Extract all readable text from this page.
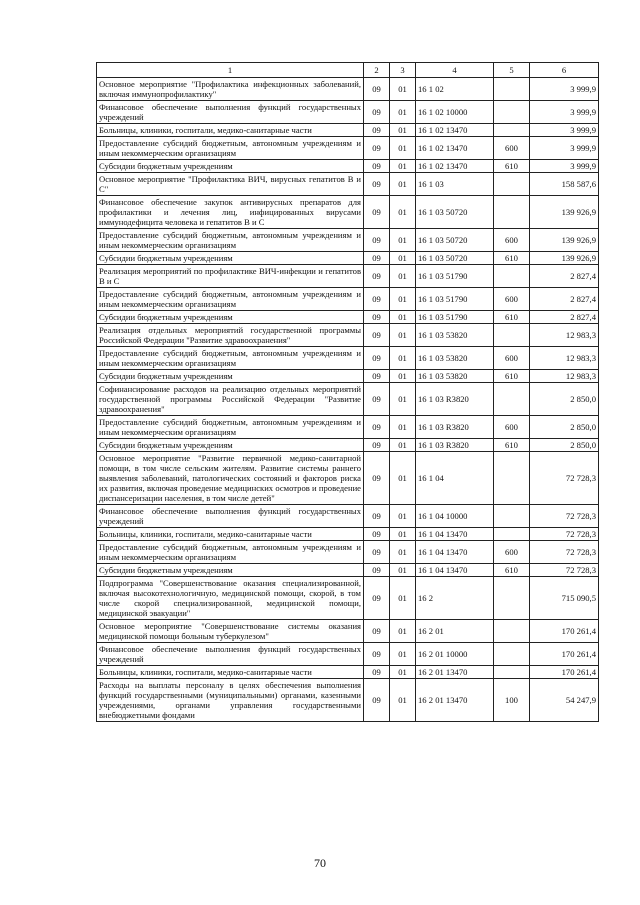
1	2	3	4	5	6
Основное мероприятие "Профилактика инфекционных заболеваний, включая иммунопрофилактику"	09	01	16 1 02		3 999,9
Финансовое обеспечение выполнения функций государственных учреждений	09	01	16 1 02 10000		3 999,9
Больницы, клиники, госпитали, медико-санитарные части	09	01	16 1 02 13470		3 999,9
Предоставление субсидий бюджетным, автономным учреждениям и иным некоммерческим организациям	09	01	16 1 02 13470	600	3 999,9
Субсидии бюджетным учреждениям	09	01	16 1 02 13470	610	3 999,9
Основное мероприятие "Профилактика ВИЧ, вирусных гепатитов В и С"	09	01	16 1 03		158 587,6
Финансовое обеспечение закупок антивирусных препаратов для профилактики и лечения лиц, инфицированных вирусами иммунодефицита человека и гепатитов В и С	09	01	16 1 03 50720		139 926,9
Предоставление субсидий бюджетным, автономным учреждениям и иным некоммерческим организациям	09	01	16 1 03 50720	600	139 926,9
Субсидии бюджетным учреждениям	09	01	16 1 03 50720	610	139 926,9
Реализация мероприятий по профилактике ВИЧ-инфекции и гепатитов В и С	09	01	16 1 03 51790		2 827,4
Предоставление субсидий бюджетным, автономным учреждениям и иным некоммерческим организациям	09	01	16 1 03 51790	600	2 827,4
Субсидии бюджетным учреждениям	09	01	16 1 03 51790	610	2 827,4
Реализация отдельных мероприятий государственной программы Российской Федерации "Развитие здравоохранения"	09	01	16 1 03 53820		12 983,3
Предоставление субсидий бюджетным, автономным учреждениям и иным некоммерческим организациям	09	01	16 1 03 53820	600	12 983,3
Субсидии бюджетным учреждениям	09	01	16 1 03 53820	610	12 983,3
Софинансирование расходов на реализацию отдельных мероприятий государственной программы Российской Федерации "Развитие здравоохранения"	09	01	16 1 03 R3820		2 850,0
Предоставление субсидий бюджетным, автономным учреждениям и иным некоммерческим организациям	09	01	16 1 03 R3820	600	2 850,0
Субсидии бюджетным учреждениям	09	01	16 1 03 R3820	610	2 850,0
Основное мероприятие "Развитие первичной медико-санитарной помощи, в том числе сельским жителям. Развитие системы раннего выявления заболеваний, патологических состояний и факторов риска их развития, включая проведение медицинских осмотров и проведение диспансеризации населения, в том числе детей"	09	01	16 1 04		72 728,3
Финансовое обеспечение выполнения функций государственных учреждений	09	01	16 1 04 10000		72 728,3
Больницы, клиники, госпитали, медико-санитарные части	09	01	16 1 04 13470		72 728,3
Предоставление субсидий бюджетным, автономным учреждениям и иным некоммерческим организациям	09	01	16 1 04 13470	600	72 728,3
Субсидии бюджетным учреждениям	09	01	16 1 04 13470	610	72 728,3
Подпрограмма "Совершенствование оказания специализированной, включая высокотехнологичную, медицинской помощи, скорой, в том числе скорой специализированной, медицинской помощи, медицинской эвакуации"	09	01	16 2		715 090,5
Основное мероприятие "Совершенствование системы оказания медицинской помощи больным туберкулезом"	09	01	16 2 01		170 261,4
Финансовое обеспечение выполнения функций государственных учреждений	09	01	16 2 01 10000		170 261,4
Больницы, клиники, госпитали, медико-санитарные части	09	01	16 2 01 13470		170 261,4
Расходы на выплаты персоналу в целях обеспечения выполнения функций государственными (муниципальными) органами, казенными учреждениями, органами управления государственными внебюджетными фондами	09	01	16 2 01 13470	100	54 247,9
70
